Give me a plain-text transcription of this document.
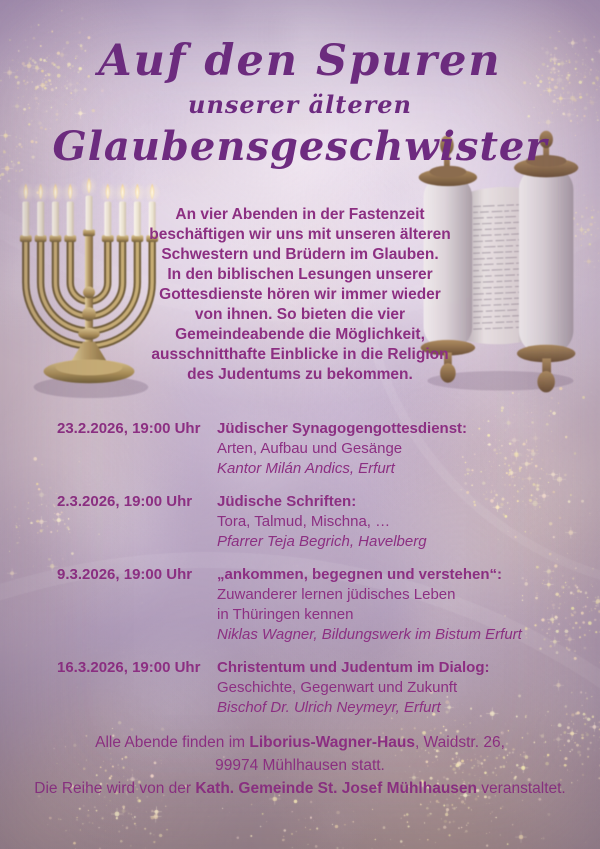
Auf den Spuren
unserer älteren
Glaubensgeschwister
An vier Abenden in der Fastenzeit
beschäftigen wir uns mit unseren älteren
Schwestern und Brüdern im Glauben.
In den biblischen Lesungen unserer
Gottesdienste hören wir immer wieder
von ihnen. So bieten die vier
Gemeindeabende die Möglichkeit,
ausschnitthafte Einblicke in die Religion
des Judentums zu bekommen.
23.2.2026, 19:00 Uhr	Jüdischer Synagogengottesdienst:
Arten, Aufbau und Gesänge
Kantor Milán Andics, Erfurt
2.3.2026, 19:00 Uhr	Jüdische Schriften:
Tora, Talmud, Mischna, …
Pfarrer Teja Begrich, Havelberg
9.3.2026, 19:00 Uhr	„ankommen, begegnen und verstehen“:
Zuwanderer lernen jüdisches Leben
in Thüringen kennen
Niklas Wagner, Bildungswerk im Bistum Erfurt
16.3.2026, 19:00 Uhr	Christentum und Judentum im Dialog:
Geschichte, Gegenwart und Zukunft
Bischof Dr. Ulrich Neymeyr, Erfurt
Alle Abende finden im Liborius-Wagner-Haus, Waidstr. 26,
99974 Mühlhausen statt.
Die Reihe wird von der Kath. Gemeinde St. Josef Mühlhausen veranstaltet.
